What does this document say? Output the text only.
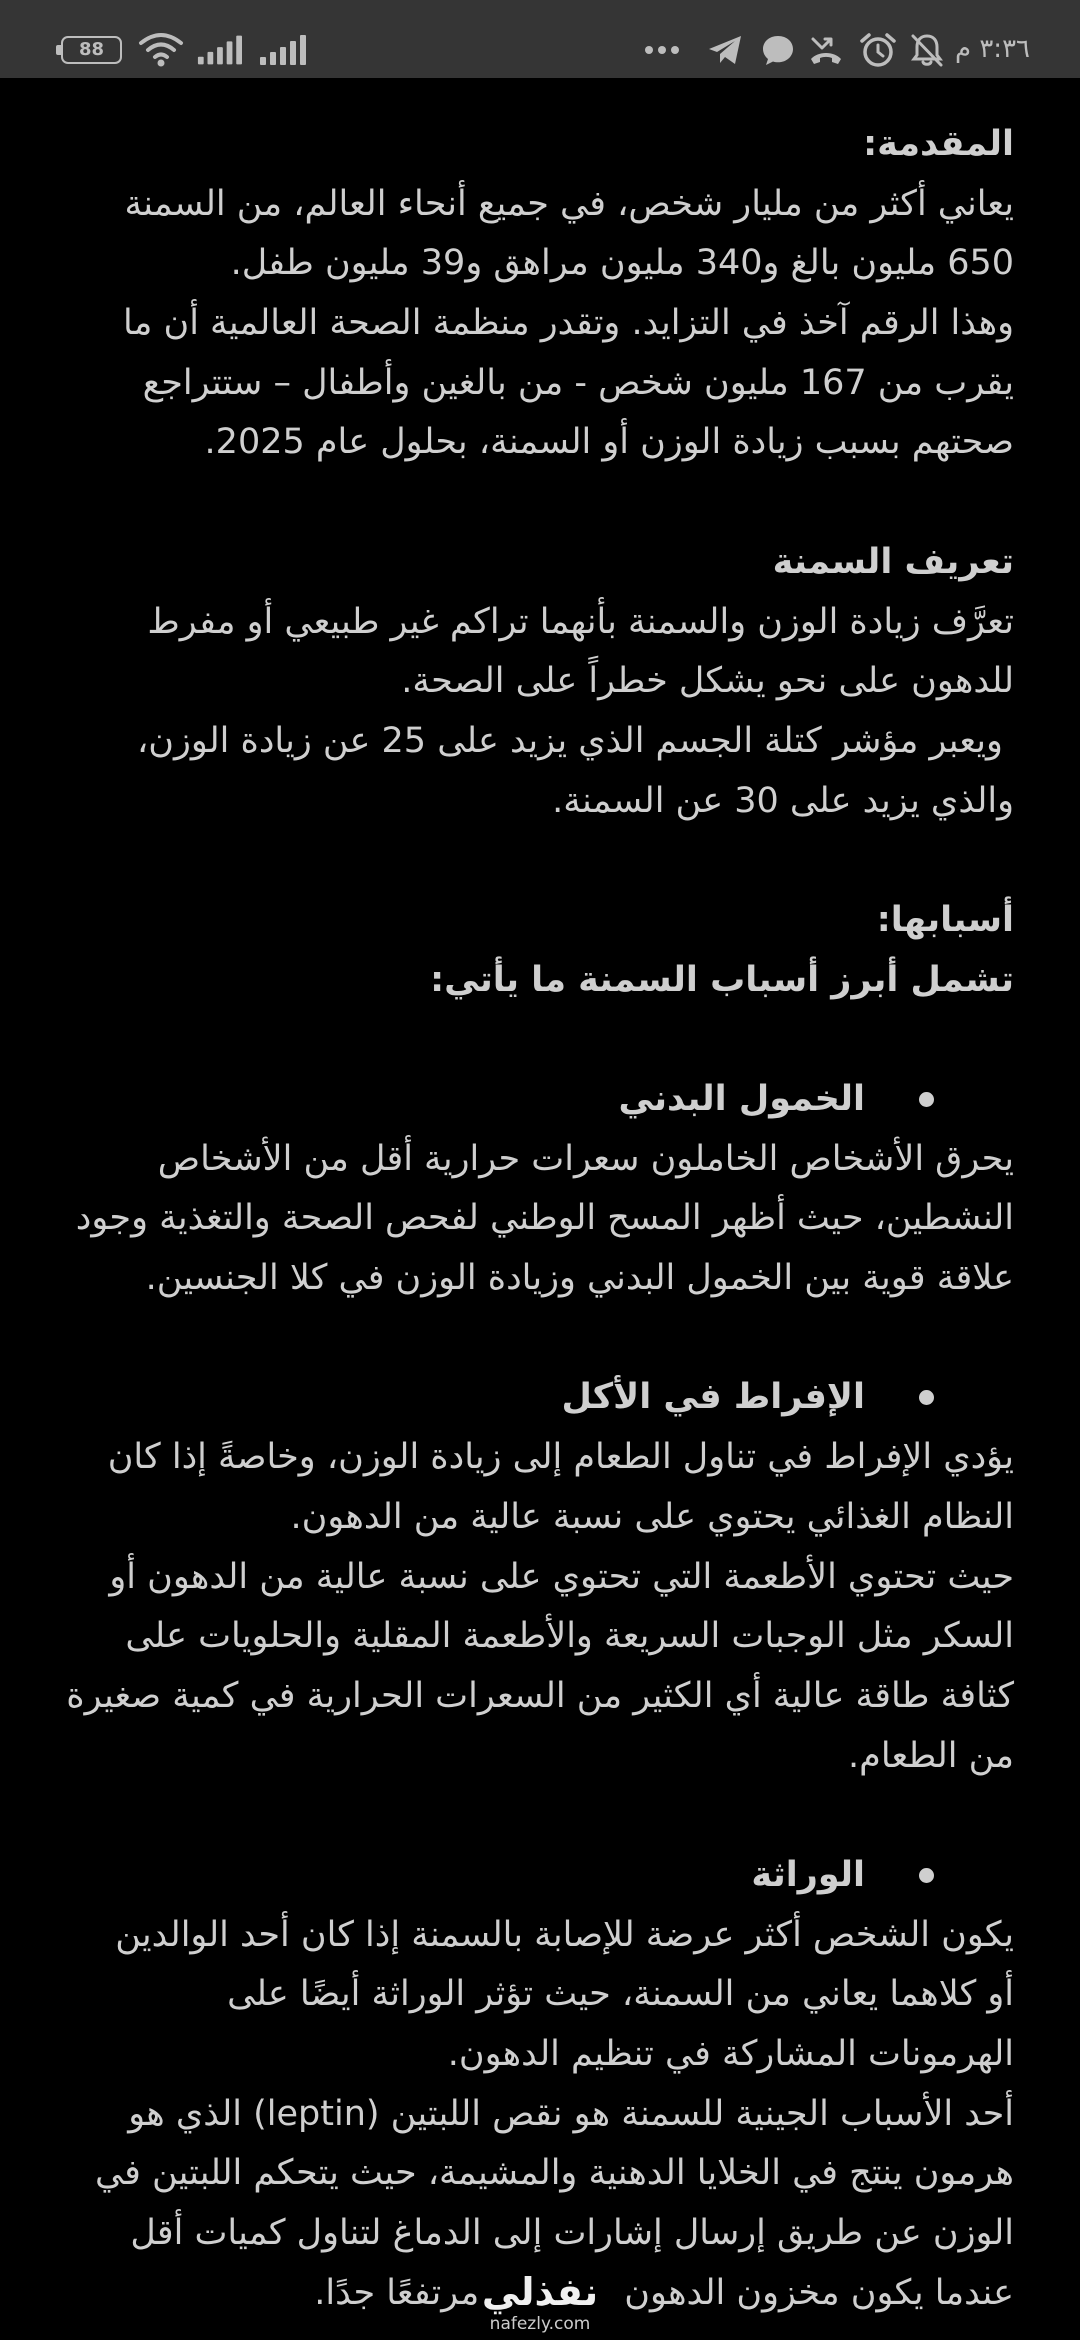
88	٣:٣٦ م
المقدمة:
يعاني أكثر من مليار شخص، في جميع أنحاء العالم، من السمنة
650 مليون بالغ و340 مليون مراهق و39 مليون طفل.
وهذا الرقم آخذ في التزايد. وتقدر منظمة الصحة العالمية أن ما
يقرب من 167 مليون شخص - من بالغين وأطفال – ستتراجع
صحتهم بسبب زيادة الوزن أو السمنة، بحلول عام 2025.
تعريف السمنة
تعرَّف زيادة الوزن والسمنة بأنهما تراكم غير طبيعي أو مفرط
للدهون على نحو يشكل خطراً على الصحة.
ويعبر مؤشر كتلة الجسم الذي يزيد على 25 عن زيادة الوزن،
والذي يزيد على 30 عن السمنة.
أسبابها:
تشمل أبرز أسباب السمنة ما يأتي:
الخمول البدني
يحرق الأشخاص الخاملون سعرات حرارية أقل من الأشخاص
النشطين، حيث أظهر المسح الوطني لفحص الصحة والتغذية وجود
علاقة قوية بين الخمول البدني وزيادة الوزن في كلا الجنسين.
الإفراط في الأكل
يؤدي الإفراط في تناول الطعام إلى زيادة الوزن، وخاصةً إذا كان
النظام الغذائي يحتوي على نسبة عالية من الدهون.
حيث تحتوي الأطعمة التي تحتوي على نسبة عالية من الدهون أو
السكر مثل الوجبات السريعة والأطعمة المقلية والحلويات على
كثافة طاقة عالية أي الكثير من السعرات الحرارية في كمية صغيرة
من الطعام.
الوراثة
يكون الشخص أكثر عرضة للإصابة بالسمنة إذا كان أحد الوالدين
أو كلاهما يعاني من السمنة، حيث تؤثر الوراثة أيضًا على
الهرمونات المشاركة في تنظيم الدهون.
أحد الأسباب الجينية للسمنة هو نقص اللبتين (leptin) الذي هو
هرمون ينتج في الخلايا الدهنية والمشيمة، حيث يتحكم اللبتين في
الوزن عن طريق إرسال إشارات إلى الدماغ لتناول كميات أقل
عندما يكون مخزون الدهونمرتفعًا جدًا. نفذلي
nafezly.com
